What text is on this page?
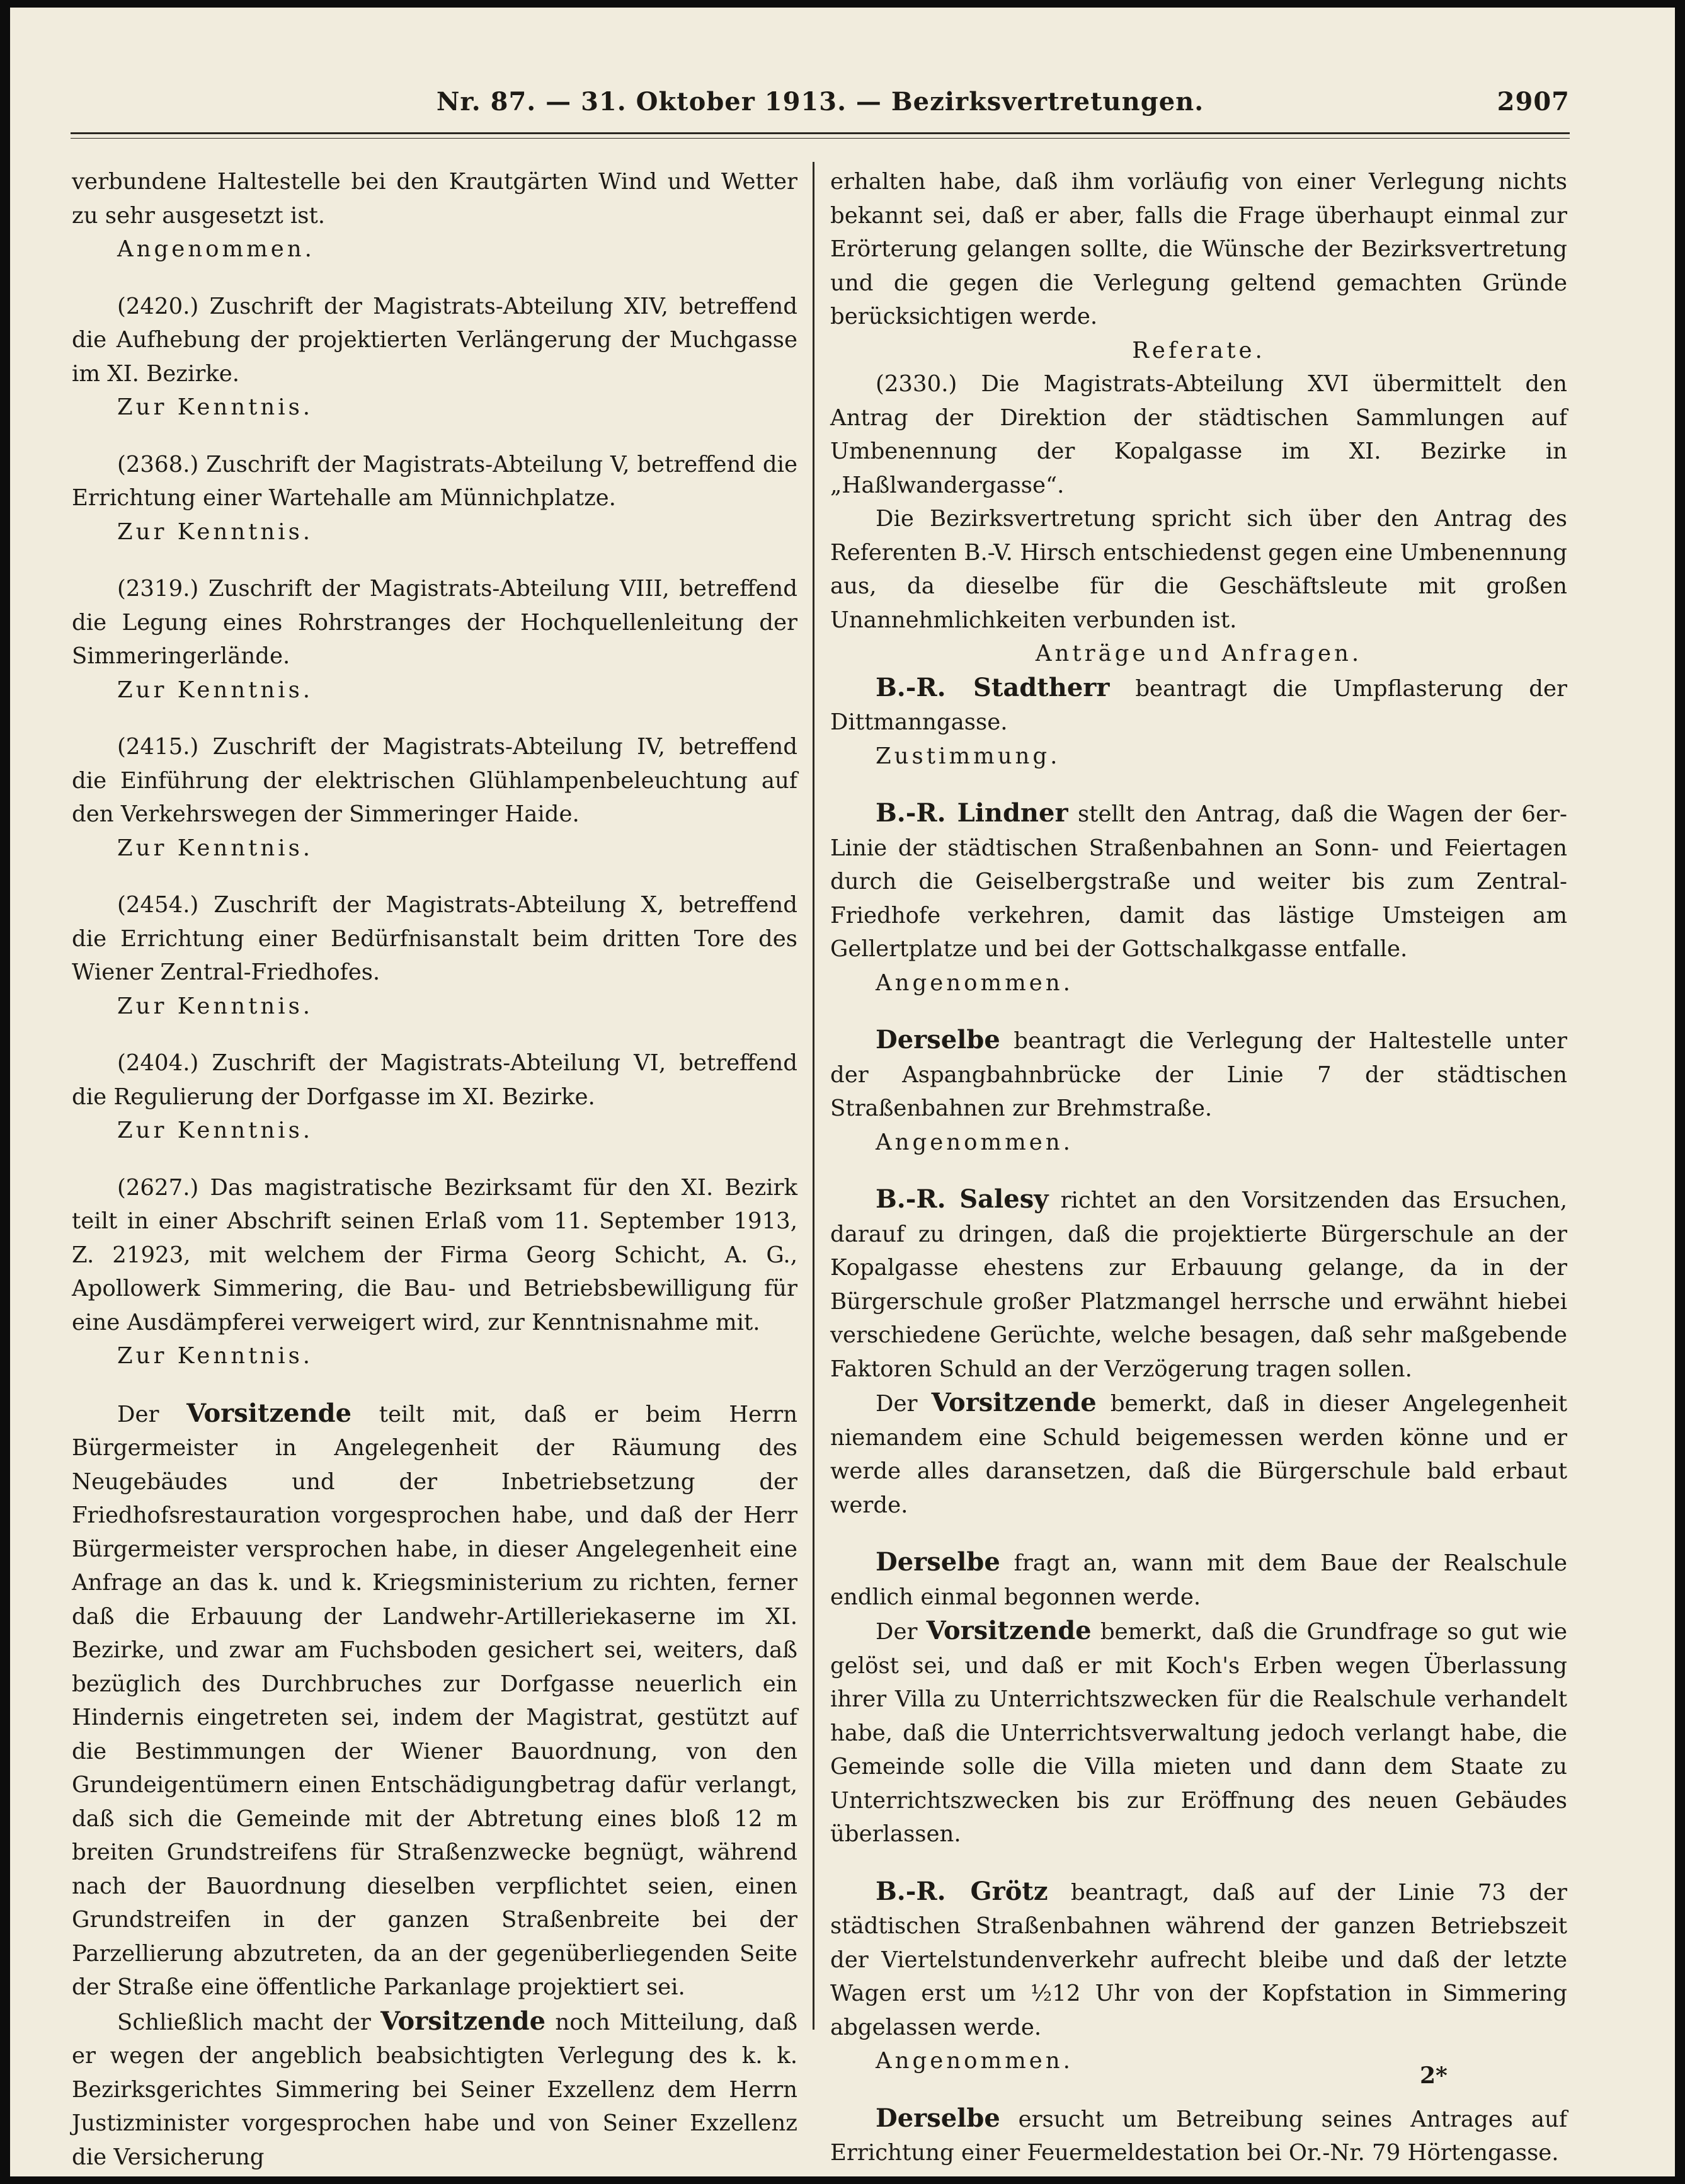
Nr. 87. — 31. Oktober 1913. — Bezirksvertretungen.	2907

verbundene Haltestelle bei den Krautgärten Wind und Wetter zu sehr ausgesetzt ist.

Angenommen.

(2420.) Zuschrift der Magistrats-Abteilung XIV, betreffend die Aufhebung der projektierten Verlängerung der Muchgasse im XI. Bezirke.

Zur Kenntnis.

(2368.) Zuschrift der Magistrats-Abteilung V, betreffend die Errichtung einer Wartehalle am Münnichplatze.

Zur Kenntnis.

(2319.) Zuschrift der Magistrats-Abteilung VIII, betreffend die Legung eines Rohrstranges der Hochquellenleitung der Simmeringerlände.

Zur Kenntnis.

(2415.) Zuschrift der Magistrats-Abteilung IV, betreffend die Einführung der elektrischen Glühlampenbeleuchtung auf den Verkehrswegen der Simmeringer Haide.

Zur Kenntnis.

(2454.) Zuschrift der Magistrats-Abteilung X, betreffend die Errichtung einer Bedürfnisanstalt beim dritten Tore des Wiener Zentral-Friedhofes.

Zur Kenntnis.

(2404.) Zuschrift der Magistrats-Abteilung VI, betreffend die Regulierung der Dorfgasse im XI. Bezirke.

Zur Kenntnis.

(2627.) Das magistratische Bezirksamt für den XI. Bezirk teilt in einer Abschrift seinen Erlaß vom 11. September 1913, Z. 21923, mit welchem der Firma Georg Schicht, A. G., Apollowerk Simmering, die Bau- und Betriebsbewilligung für eine Ausdämpferei verweigert wird, zur Kenntnisnahme mit.

Zur Kenntnis.

Der Vorsitzende teilt mit, daß er beim Herrn Bürgermeister in Angelegenheit der Räumung des Neugebäudes und der Inbetriebsetzung der Friedhofsrestauration vorgesprochen habe, und daß der Herr Bürgermeister versprochen habe, in dieser Angelegenheit eine Anfrage an das k. und k. Kriegsministerium zu richten, ferner daß die Erbauung der Landwehr-Artilleriekaserne im XI. Bezirke, und zwar am Fuchsboden gesichert sei, weiters, daß bezüglich des Durchbruches zur Dorfgasse neuerlich ein Hindernis eingetreten sei, indem der Magistrat, gestützt auf die Bestimmungen der Wiener Bauordnung, von den Grundeigentümern einen Entschädigungbetrag dafür verlangt, daß sich die Gemeinde mit der Abtretung eines bloß 12 m breiten Grundstreifens für Straßenzwecke begnügt, während nach der Bauordnung dieselben verpflichtet seien, einen Grundstreifen in der ganzen Straßenbreite bei der Parzellierung abzutreten, da an der gegenüberliegenden Seite der Straße eine öffentliche Parkanlage projektiert sei.

Schließlich macht der Vorsitzende noch Mitteilung, daß er wegen der angeblich beabsichtigten Verlegung des k. k. Bezirksgerichtes Simmering bei Seiner Exzellenz dem Herrn Justizminister vorgesprochen habe und von Seiner Exzellenz die Versicherung

erhalten habe, daß ihm vorläufig von einer Verlegung nichts bekannt sei, daß er aber, falls die Frage überhaupt einmal zur Erörterung gelangen sollte, die Wünsche der Bezirksvertretung und die gegen die Verlegung geltend gemachten Gründe berücksichtigen werde.

Referate.

(2330.) Die Magistrats-Abteilung XVI übermittelt den Antrag der Direktion der städtischen Sammlungen auf Umbenennung der Kopalgasse im XI. Bezirke in „Haßlwandergasse“.

Die Bezirksvertretung spricht sich über den Antrag des Referenten B.-V. Hirsch entschiedenst gegen eine Umbenennung aus, da dieselbe für die Geschäftsleute mit großen Unannehmlichkeiten verbunden ist.

Anträge und Anfragen.

B.-R. Stadtherr beantragt die Umpflasterung der Dittmanngasse.

Zustimmung.

B.-R. Lindner stellt den Antrag, daß die Wagen der 6er-Linie der städtischen Straßenbahnen an Sonn- und Feiertagen durch die Geiselbergstraße und weiter bis zum Zentral-Friedhofe verkehren, damit das lästige Umsteigen am Gellertplatze und bei der Gottschalkgasse entfalle.

Angenommen.

Derselbe beantragt die Verlegung der Haltestelle unter der Aspangbahnbrücke der Linie 7 der städtischen Straßenbahnen zur Brehmstraße.

Angenommen.

B.-R. Salesy richtet an den Vorsitzenden das Ersuchen, darauf zu dringen, daß die projektierte Bürgerschule an der Kopalgasse ehestens zur Erbauung gelange, da in der Bürgerschule großer Platzmangel herrsche und erwähnt hiebei verschiedene Gerüchte, welche besagen, daß sehr maßgebende Faktoren Schuld an der Verzögerung tragen sollen.

Der Vorsitzende bemerkt, daß in dieser Angelegenheit niemandem eine Schuld beigemessen werden könne und er werde alles daransetzen, daß die Bürgerschule bald erbaut werde.

Derselbe fragt an, wann mit dem Baue der Realschule endlich einmal begonnen werde.

Der Vorsitzende bemerkt, daß die Grundfrage so gut wie gelöst sei, und daß er mit Koch's Erben wegen Überlassung ihrer Villa zu Unterrichtszwecken für die Realschule verhandelt habe, daß die Unterrichtsverwaltung jedoch verlangt habe, die Gemeinde solle die Villa mieten und dann dem Staate zu Unterrichtszwecken bis zur Eröffnung des neuen Gebäudes überlassen.

B.-R. Grötz beantragt, daß auf der Linie 73 der städtischen Straßenbahnen während der ganzen Betriebszeit der Viertelstundenverkehr aufrecht bleibe und daß der letzte Wagen erst um ½12 Uhr von der Kopfstation in Simmering abgelassen werde.

Angenommen.

Derselbe ersucht um Betreibung seines Antrages auf Errichtung einer Feuermeldestation bei Or.-Nr. 79 Hörtengasse.

2*
